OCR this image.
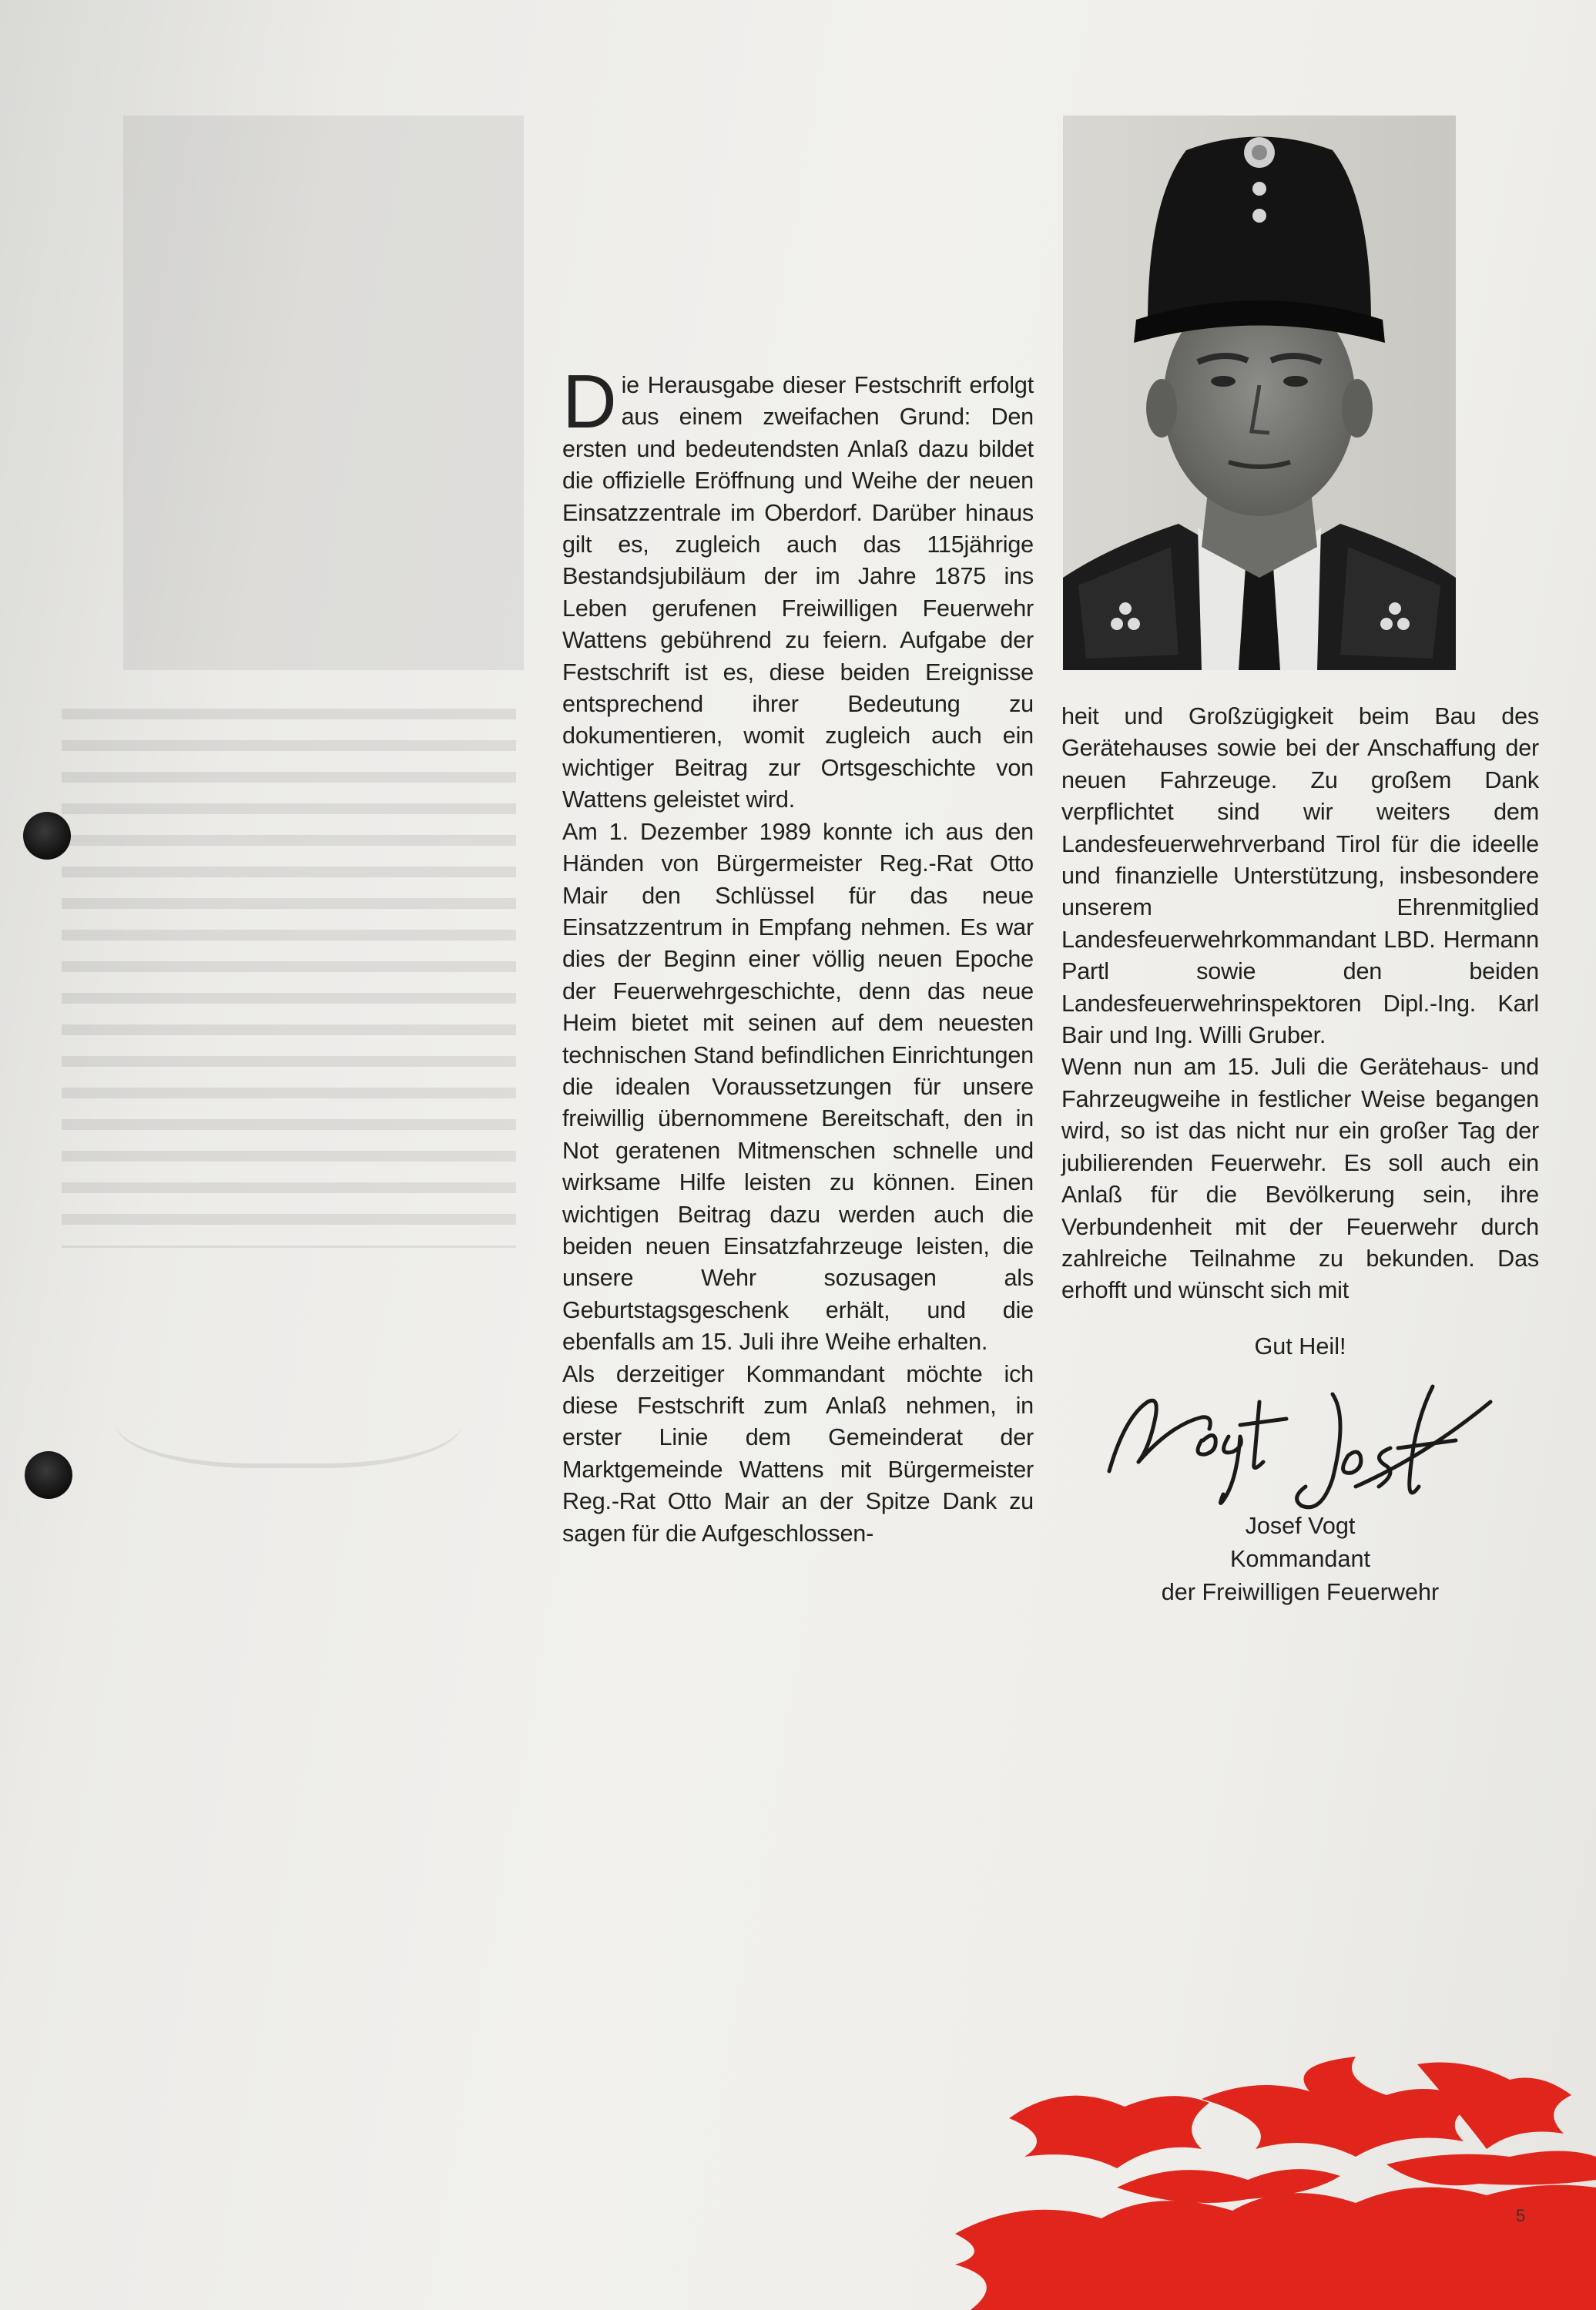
Die Herausgabe dieser Festschrift erfolgt aus einem zweifachen Grund: Den ersten und bedeutendsten Anlaß dazu bildet die offizielle Eröffnung und Weihe der neuen Einsatzzentrale im Oberdorf. Darüber hinaus gilt es, zugleich auch das 115jährige Bestandsjubiläum der im Jahre 1875 ins Leben gerufenen Freiwilligen Feuerwehr Wattens gebührend zu feiern. Aufgabe der Festschrift ist es, diese beiden Ereignisse entsprechend ihrer Bedeutung zu dokumentieren, womit zugleich auch ein wichtiger Beitrag zur Ortsgeschichte von Wattens geleistet wird.

Am 1. Dezember 1989 konnte ich aus den Händen von Bürgermeister Reg.-Rat Otto Mair den Schlüssel für das neue Einsatzzentrum in Empfang nehmen. Es war dies der Beginn einer völlig neuen Epoche der Feuerwehrgeschichte, denn das neue Heim bietet mit seinen auf dem neuesten technischen Stand befindlichen Einrichtungen die idealen Voraussetzungen für unsere freiwillig übernommene Bereitschaft, den in Not geratenen Mitmenschen schnelle und wirksame Hilfe leisten zu können. Einen wichtigen Beitrag dazu werden auch die beiden neuen Einsatzfahrzeuge leisten, die unsere Wehr sozusagen als Geburtstagsgeschenk erhält, und die ebenfalls am 15. Juli ihre Weihe erhalten.

Als derzeitiger Kommandant möchte ich diese Festschrift zum Anlaß nehmen, in erster Linie dem Gemeinderat der Marktgemeinde Wattens mit Bürgermeister Reg.-Rat Otto Mair an der Spitze Dank zu sagen für die Aufgeschlossen-

heit und Großzügigkeit beim Bau des Gerätehauses sowie bei der Anschaffung der neuen Fahrzeuge. Zu großem Dank verpflichtet sind wir weiters dem Landesfeuerwehrverband Tirol für die ideelle und finanzielle Unterstützung, insbesondere unserem Ehrenmitglied Landesfeuerwehrkommandant LBD. Hermann Partl sowie den beiden Landesfeuerwehrinspektoren Dipl.-Ing. Karl Bair und Ing. Willi Gruber.

Wenn nun am 15. Juli die Gerätehaus- und Fahrzeugweihe in festlicher Weise begangen wird, so ist das nicht nur ein großer Tag der jubilierenden Feuerwehr. Es soll auch ein Anlaß für die Bevölkerung sein, ihre Verbundenheit mit der Feuerwehr durch zahlreiche Teilnahme zu bekunden. Das erhofft und wünscht sich mit

Gut Heil!
Josef Vogt
Kommandant
der Freiwilligen Feuerwehr
5
